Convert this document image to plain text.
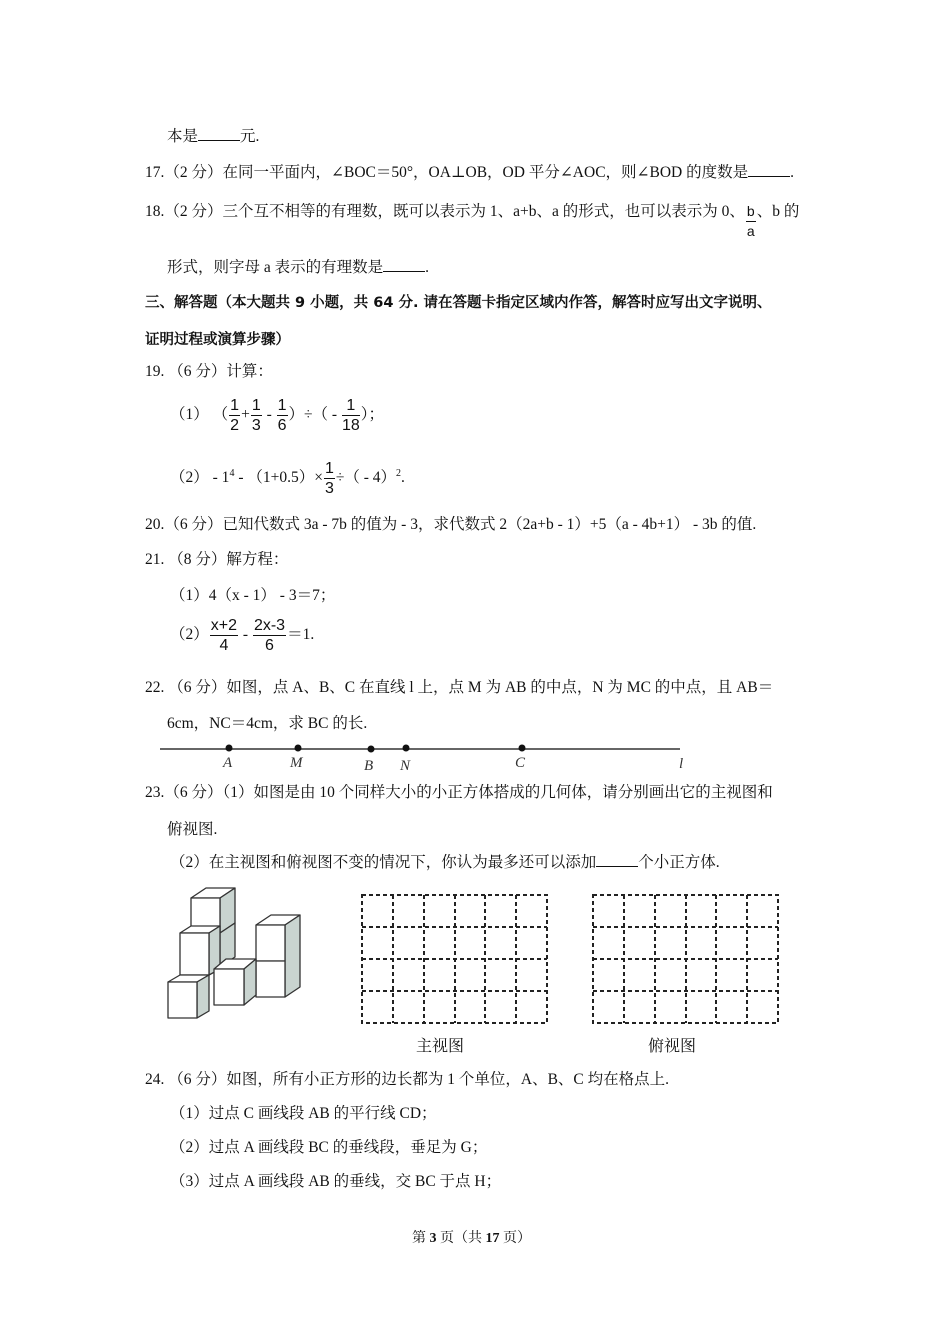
本是	元.
17.（2 分）在同一平面内，∠BOC＝50°，OA⊥OB，OD 平分∠AOC，则∠BOD 的度数是	.
18.（2 分）三个互不相等的有理数，既可以表示为 1、a+b、a 的形式，也可以表示为 0、 $\frac{b}{a}$ 、b 的
形式，则字母 a 表示的有理数是	.
三、解答题（本大题共 9 小题，共 64 分. 请在答题卡指定区域内作答，解答时应写出文字说明、
证明过程或演算步骤）
19. （6 分）计算：
（1） （ $\frac{1}{2} + \frac{1}{3} - \frac{1}{6}$ ）÷（ - $\frac{1}{18}$ ）；
$(2) - 1^4 - (1+0.5)\times \frac{1}{3}$ ÷（ - 4）$^2$.
20.（6 分）已知代数式 3a - 7b 的值为 - 3，求代数式 2（2a+b - 1）+5（a - 4b+1） - 3b 的值.
21. （8 分）解方程：
（1）4（x - 1） - 3＝7；
$(2) \frac{x+2}{4} - \frac{2x-3}{6} =1$.
22. （6 分）如图，点 A、B、C 在直线 l 上，点 M 为 AB 的中点，N 为 MC 的中点，且 AB＝
6cm，NC＝4cm，求 BC 的长.
A	M	B N	C	l
23.（6 分）（1）如图是由 10 个同样大小的小正方体搭成的几何体，请分别画出它的主视图和
俯视图.
（2）在主视图和俯视图不变的情况下，你认为最多还可以添加	个小正方体.
主视图	俯视图
24. （6 分）如图，所有小正方形的边长都为 1 个单位，A、B、C 均在格点上.
（1）过点 C 画线段 AB 的平行线 CD；
（2）过点 A 画线段 BC 的垂线段，垂足为 G；
（3）过点 A 画线段 AB 的垂线，交 BC 于点 H；
第 3 页（共 17 页）
